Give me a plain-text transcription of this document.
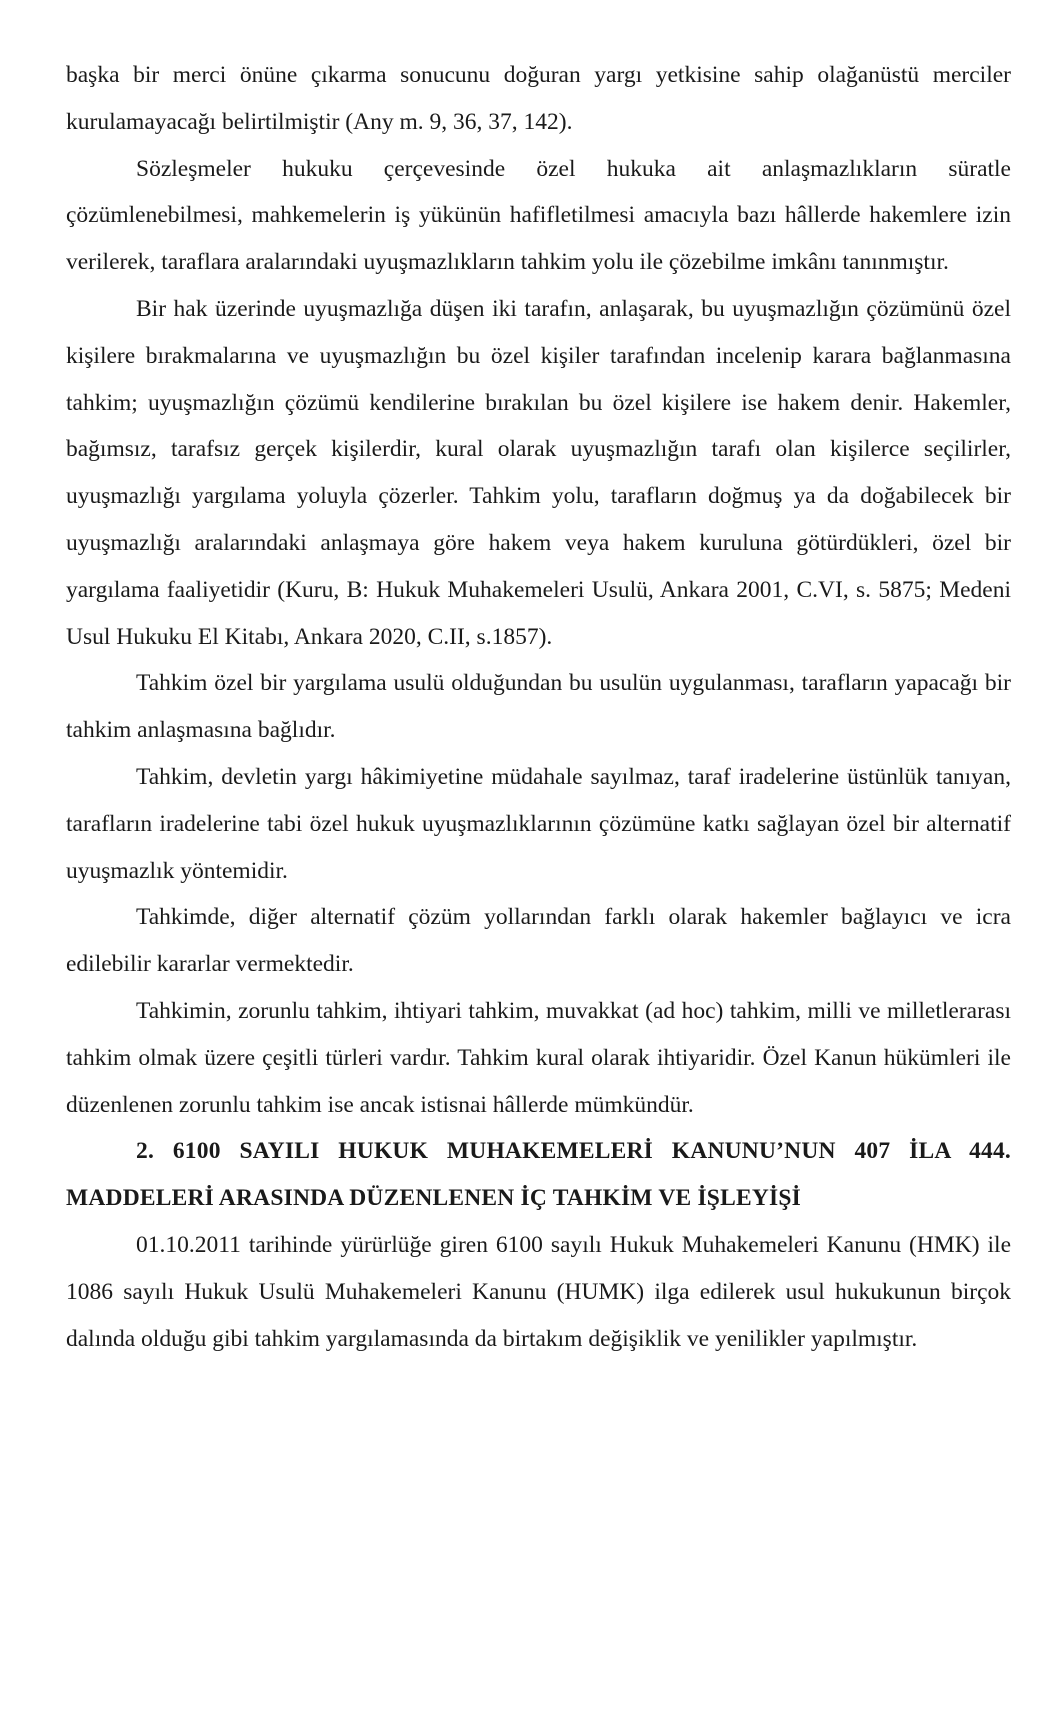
başka bir merci önüne çıkarma sonucunu doğuran yargı yetkisine sahip olağanüstü merciler kurulamayacağı belirtilmiştir (Any m. 9, 36, 37, 142).

Sözleşmeler hukuku çerçevesinde özel hukuka ait anlaşmazlıkların süratle çözümlenebilmesi, mahkemelerin iş yükünün hafifletilmesi amacıyla bazı hâllerde hakemlere izin verilerek, taraflara aralarındaki uyuşmazlıkların tahkim yolu ile çözebilme imkânı tanınmıştır.

Bir hak üzerinde uyuşmazlığa düşen iki tarafın, anlaşarak, bu uyuşmazlığın çözümünü özel kişilere bırakmalarına ve uyuşmazlığın bu özel kişiler tarafından incelenip karara bağlanmasına tahkim; uyuşmazlığın çözümü kendilerine bırakılan bu özel kişilere ise hakem denir. Hakemler, bağımsız, tarafsız gerçek kişilerdir, kural olarak uyuşmazlığın tarafı olan kişilerce seçilirler, uyuşmazlığı yargılama yoluyla çözerler. Tahkim yolu, tarafların doğmuş ya da doğabilecek bir uyuşmazlığı aralarındaki anlaşmaya göre hakem veya hakem kuruluna götürdükleri, özel bir yargılama faaliyetidir (Kuru, B: Hukuk Muhakemeleri Usulü, Ankara 2001, C.VI, s. 5875; Medeni Usul Hukuku El Kitabı, Ankara 2020, C.II, s.1857).

Tahkim özel bir yargılama usulü olduğundan bu usulün uygulanması, tarafların yapacağı bir tahkim anlaşmasına bağlıdır.

Tahkim, devletin yargı hâkimiyetine müdahale sayılmaz, taraf iradelerine üstünlük tanıyan, tarafların iradelerine tabi özel hukuk uyuşmazlıklarının çözümüne katkı sağlayan özel bir alternatif uyuşmazlık yöntemidir.

Tahkimde, diğer alternatif çözüm yollarından farklı olarak hakemler bağlayıcı ve icra edilebilir kararlar vermektedir.

Tahkimin, zorunlu tahkim, ihtiyari tahkim, muvakkat (ad hoc) tahkim, milli ve milletlerarası tahkim olmak üzere çeşitli türleri vardır. Tahkim kural olarak ihtiyaridir. Özel Kanun hükümleri ile düzenlenen zorunlu tahkim ise ancak istisnai hâllerde mümkündür.

2. 6100 SAYILI HUKUK MUHAKEMELERİ KANUNU’NUN 407 İLA 444. MADDELERİ ARASINDA DÜZENLENEN İÇ TAHKİM VE İŞLEYİŞİ

01.10.2011 tarihinde yürürlüğe giren 6100 sayılı Hukuk Muhakemeleri Kanunu (HMK) ile 1086 sayılı Hukuk Usulü Muhakemeleri Kanunu (HUMK) ilga edilerek usul hukukunun birçok dalında olduğu gibi tahkim yargılamasında da birtakım değişiklik ve yenilikler yapılmıştır.
